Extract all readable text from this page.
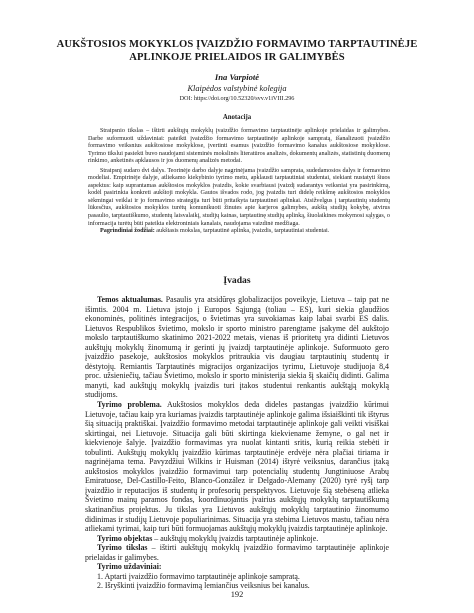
AUKŠTOSIOS MOKYKLOS ĮVAIZDŽIO FORMAVIMO TARPTAUTINĖJE
APLINKOJE PRIELAIDOS IR GALIMYBĖS
Ina Varpiotė
Klaipėdos valstybinė kolegija
DOI: https://doi.org/10.52320/svv.v1iVIII.296
Anotacija

Straipsnio tikslas – ištirti aukštųjų mokyklų įvaizdžio formavimo tarptautinėje aplinkoje prielaidas ir galimybes. Darbe suformuoti uždaviniai: pateikti įvaizdžio formavimo tarptautinėje aplinkoje sampratą, išanalizuoti įvaizdžio formavimo veiksnius aukštosiose mokyklose, įvertinti esamus įvaizdžio formavimo kanalus aukštosiose mokyklose. Tyrimo tikslui pasiekti buvo naudojami sisteminės mokslinės literatūros analizės, dokumentų analizės, statistinių duomenų rinkimo, anketinės apklausos ir jos duomenų analizės metodai.

Straipsnį sudaro dvi dalys. Teorinėje darbo dalyje nagrinėjama įvaizdžio samprata, sudedamosios dalys ir formavimo modeliai. Empirinėje dalyje, atliekamo kiekybinio tyrimo metu, apklausti tarptautiniai studentai, siekiant nustatyti šiuos aspektus: kaip suprantamas aukštosios mokyklos įvaizdis, kokie svarbiausi įvaizdį sudarantys veiksniai yra pasirinkimą, kodėl pasirinkta konkreti aukštoji mokykla. Gautos išvados rodo, jog įvaizdis turi didelę reikšmę aukštosios mokyklos sėkmingai veiklai ir jo formavimo strategija turi būti pritaikyta tarptautinei aplinkai. Atsižvelgus į tarptautinių studentų lūkesčius, aukštosios mokyklos turėtų komunikuoti žinutes apie karjeros galimybes, aukštą studijų kokybę, atvirus pasaulio, tarptautiškumo, studentų laisvalaikį, studijų kainas, tarptautinę studijų aplinką, šiuolaikines mokymosi sąlygas, o informacija turėtų būti pateikta elektroniniais kanalais, naudojama vaizdinė medžiaga.

Pagrindiniai žodžiai: aukštasis mokslas, tarptautinė aplinka, įvaizdis, tarptautiniai studentai.

Įvadas

Temos aktualumas. Pasaulis yra atsidūręs globalizacijos poveikyje, Lietuva – taip pat ne išimtis. 2004 m. Lietuva įstojo į Europos Sąjungą (toliau – ES), kuri siekia glaudžios ekonominės, politinės integracijos, o švietimas yra suvokiamas kaip labai svarbi ES dalis. Lietuvos Respublikos švietimo, mokslo ir sporto ministro parengtame įsakyme dėl aukštojo mokslo tarptautiškumo skatinimo 2021-2022 metais, vienas iš prioritetų yra didinti Lietuvos aukštųjų mokyklų žinomumą ir gerinti jų įvaizdį tarptautinėje aplinkoje. Suformuoto gero įvaizdžio pasekoje, aukštosios mokyklos pritraukia vis daugiau tarptautinių studentų ir dėstytojų. Remiantis Tarptautinės migracijos organizacijos tyrimu, Lietuvoje studijuoja 8,4 proc. užsieniečių, tačiau Švietimo, mokslo ir sporto ministerija siekia šį skaičių didinti. Galima manyti, kad aukštųjų mokyklų įvaizdis turi įtakos studentui renkantis aukštąją mokyklą studijoms.

Tyrimo problema. Aukštosios mokyklos deda dideles pastangas įvaizdžio kūrimui Lietuvoje, tačiau kaip yra kuriamas įvaizdis tarptautinėje aplinkoje galima išsiaiškinti tik ištyrus šią situaciją praktiškai. Įvaizdžio formavimo metodai tarptautinėje aplinkoje gali veikti visiškai skirtingai, nei Lietuvoje. Situacija gali būti skirtinga kiekviename žemyne, o gal net ir kiekvienoje šalyje. Įvaizdžio formavimas yra nuolat kintanti sritis, kurią reikia stebėti ir tobulinti. Aukštųjų mokyklų įvaizdžio kūrimas tarptautinėje erdvėje nėra plačiai tiriama ir nagrinėjama tema. Pavyzdžiui Wilkins ir Huisman (2014) ištyrė veiksnius, darančius įtaką aukštosios mokyklos įvaizdžio formavimui tarp potencialių studentų Jungtiniuose Arabų Emiratuose, Del-Castillo-Feito, Blanco-González ir Delgado-Alemany (2020) tyrė ryšį tarp įvaizdžio ir reputacijos iš studentų ir profesorių perspektyvos. Lietuvoje šią stebėseną atlieka Švietimo mainų paramos fondas, koordinuojantis įvairius aukštųjų mokyklų tarptautiškumą skatinančius projektus. Ju tikslas yra Lietuvos aukštųjų mokyklų tarptautinio žinomumo didinimas ir studijų Lietuvoje populiarinimas. Situacija yra stebima Lietuvos mastu, tačiau nėra atliekami tyrimai, kaip turi būti formuojamas aukštųjų mokyklų įvaizdis tarptautinėje aplinkoje.

Tyrimo objektas – aukštųjų mokyklų įvaizdis tarptautinėje aplinkoje.

Tyrimo tikslas – ištirti aukštųjų mokyklų įvaizdžio formavimo tarptautinėje aplinkoje prielaidas ir galimybes.

Tyrimo uždaviniai:

1. Aptarti įvaizdžio formavimo tarptautinėje aplinkoje sampratą.

2. Išryškinti įvaizdžio formavimą lemiančius veiksnius bei kanalus.

192
